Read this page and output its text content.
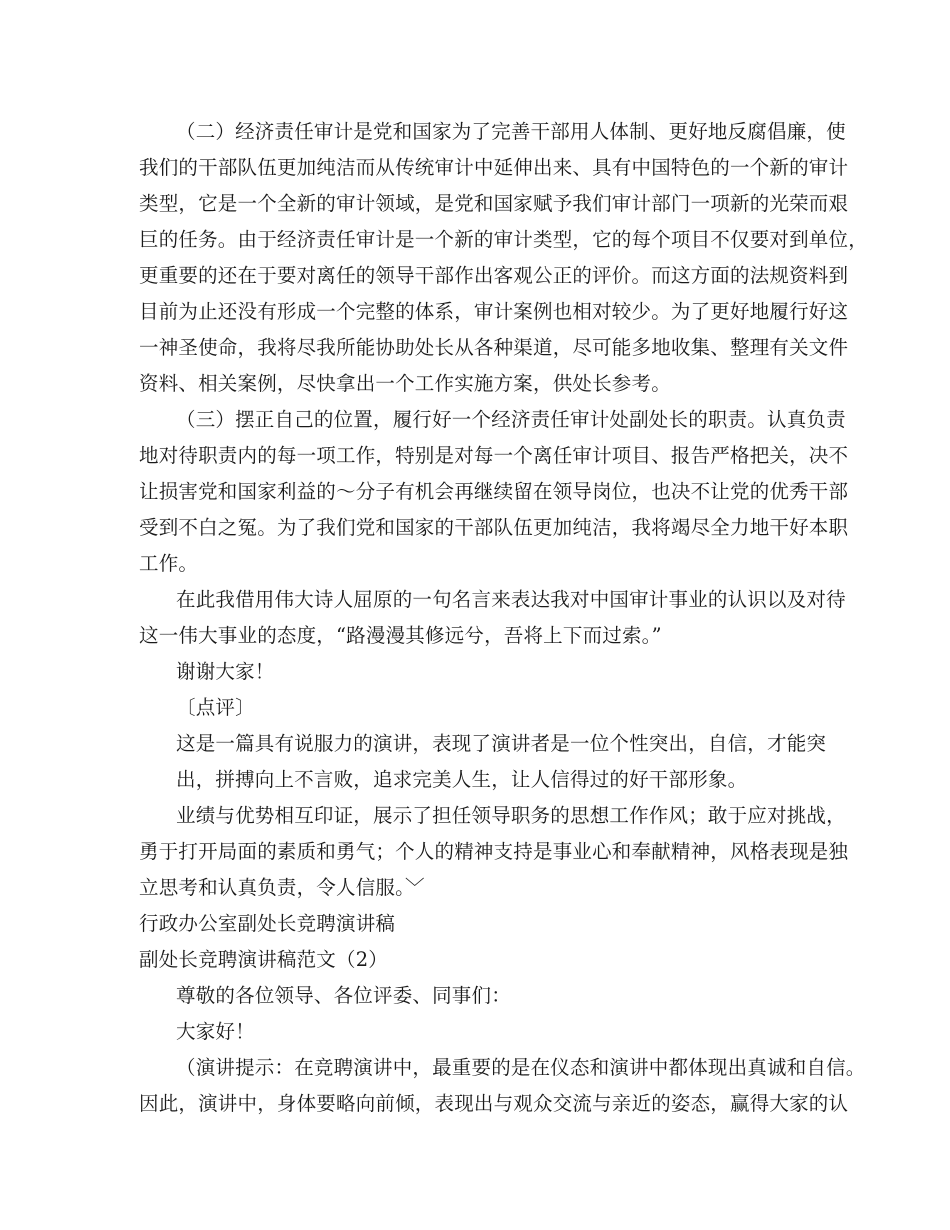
（二）经济责任审计是党和国家为了完善干部用人体制、更好地反腐倡廉，使
我们的干部队伍更加纯洁而从传统审计中延伸出来、具有中国特色的一个新的审计
类型，它是一个全新的审计领域，是党和国家赋予我们审计部门一项新的光荣而艰
巨的任务。由于经济责任审计是一个新的审计类型，它的每个项目不仅要对到单位，
更重要的还在于要对离任的领导干部作出客观公正的评价。而这方面的法规资料到
目前为止还没有形成一个完整的体系，审计案例也相对较少。为了更好地履行好这
一神圣使命，我将尽我所能协助处长从各种渠道，尽可能多地收集、整理有关文件
资料、相关案例，尽快拿出一个工作实施方案，供处长参考。
（三）摆正自己的位置，履行好一个经济责任审计处副处长的职责。认真负责
地对待职责内的每一项工作，特别是对每一个离任审计项目、报告严格把关，决不
让损害党和国家利益的～分子有机会再继续留在领导岗位，也决不让党的优秀干部
受到不白之冤。为了我们党和国家的干部队伍更加纯洁，我将竭尽全力地干好本职
工作。
在此我借用伟大诗人屈原的一句名言来表达我对中国审计事业的认识以及对待
这一伟大事业的态度，“路漫漫其修远兮，吾将上下而过索。”
谢谢大家！
〔点评〕
这是一篇具有说服力的演讲，表现了演讲者是一位个性突出，自信，才能突
出，拼搏向上不言败，追求完美人生，让人信得过的好干部形象。
业绩与优势相互印证，展示了担任领导职务的思想工作作风；敢于应对挑战，
勇于打开局面的素质和勇气；个人的精神支持是事业心和奉献精神，风格表现是独
立思考和认真负责，令人信服。﹀
行政办公室副处长竞聘演讲稿
副处长竞聘演讲稿范文（2）
尊敬的各位领导、各位评委、同事们：
大家好！
（演讲提示：在竞聘演讲中，最重要的是在仪态和演讲中都体现出真诚和自信。
因此，演讲中，身体要略向前倾，表现出与观众交流与亲近的姿态，赢得大家的认
